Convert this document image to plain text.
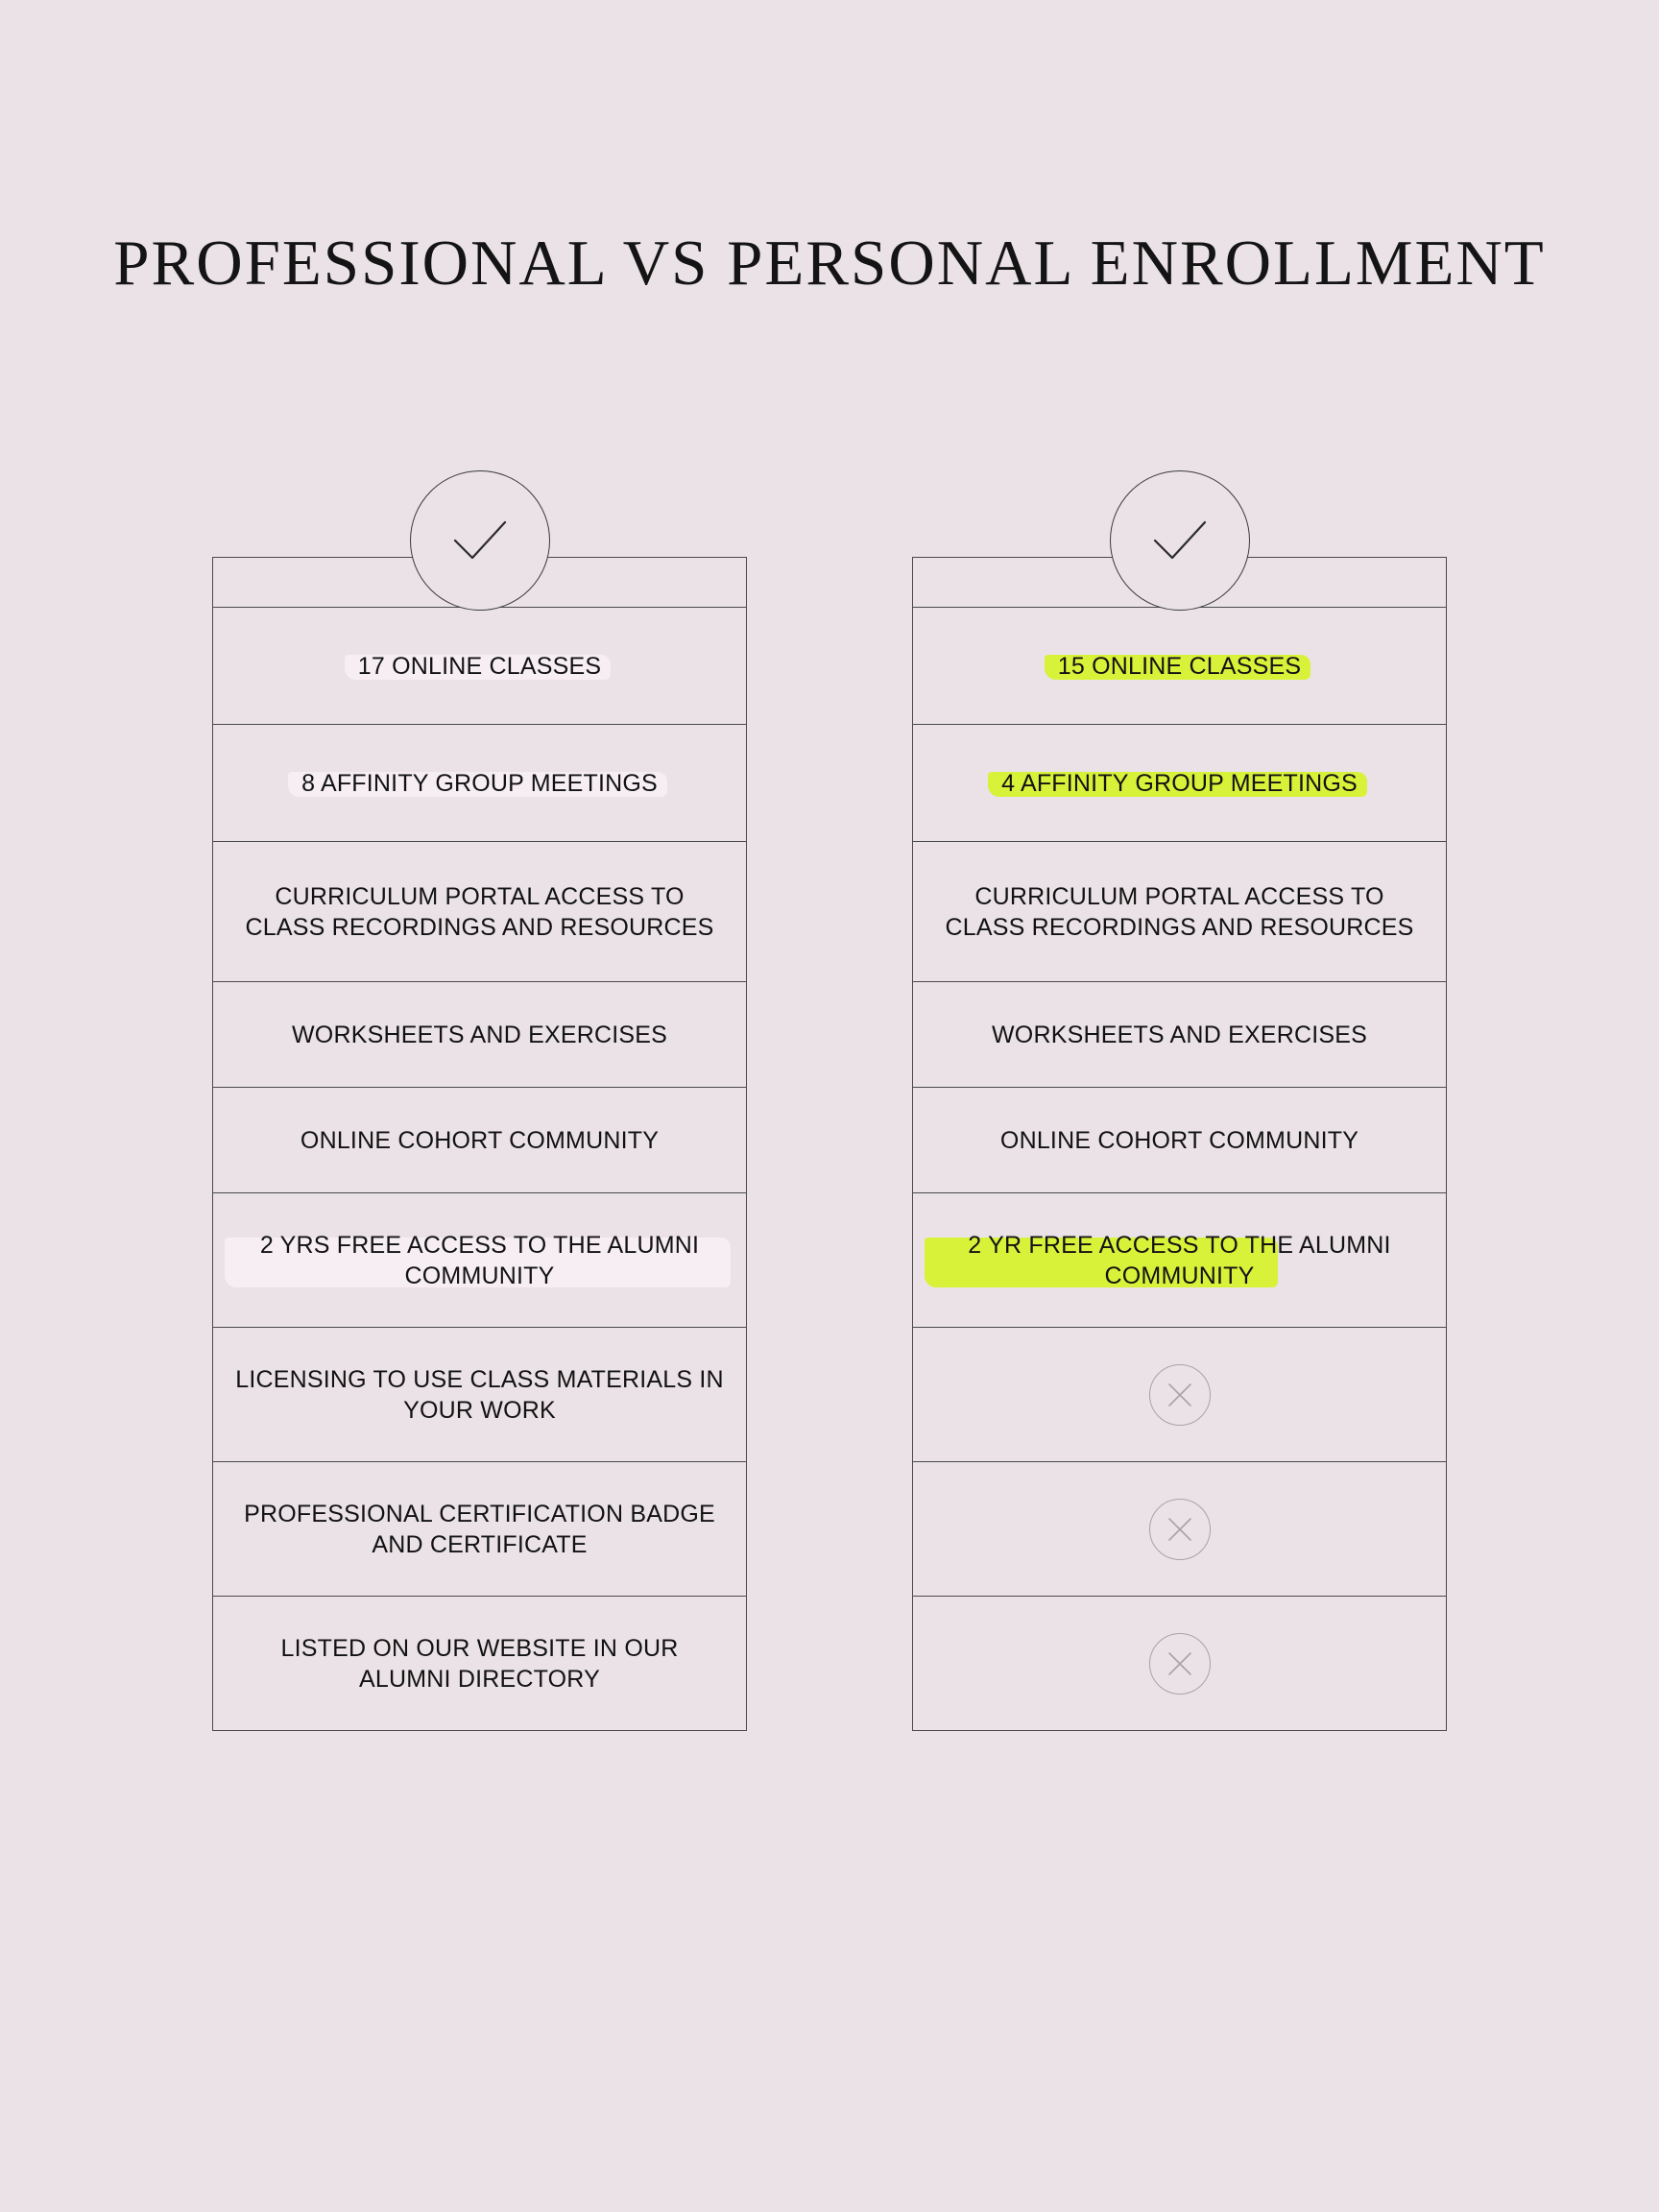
PROFESSIONAL VS PERSONAL ENROLLMENT
17 ONLINE CLASSES
8 AFFINITY GROUP MEETINGS
CURRICULUM PORTAL ACCESS TO CLASS RECORDINGS AND RESOURCES
WORKSHEETS AND EXERCISES
ONLINE COHORT COMMUNITY
2 YRS FREE ACCESS TO THE ALUMNI COMMUNITY
LICENSING TO USE CLASS MATERIALS IN YOUR WORK
PROFESSIONAL CERTIFICATION BADGE AND CERTIFICATE
LISTED ON OUR WEBSITE IN OUR ALUMNI DIRECTORY
15 ONLINE CLASSES
4 AFFINITY GROUP MEETINGS
CURRICULUM PORTAL ACCESS TO CLASS RECORDINGS AND RESOURCES
WORKSHEETS AND EXERCISES
ONLINE COHORT COMMUNITY
2 YR FREE ACCESS TO THE ALUMNI COMMUNITY
